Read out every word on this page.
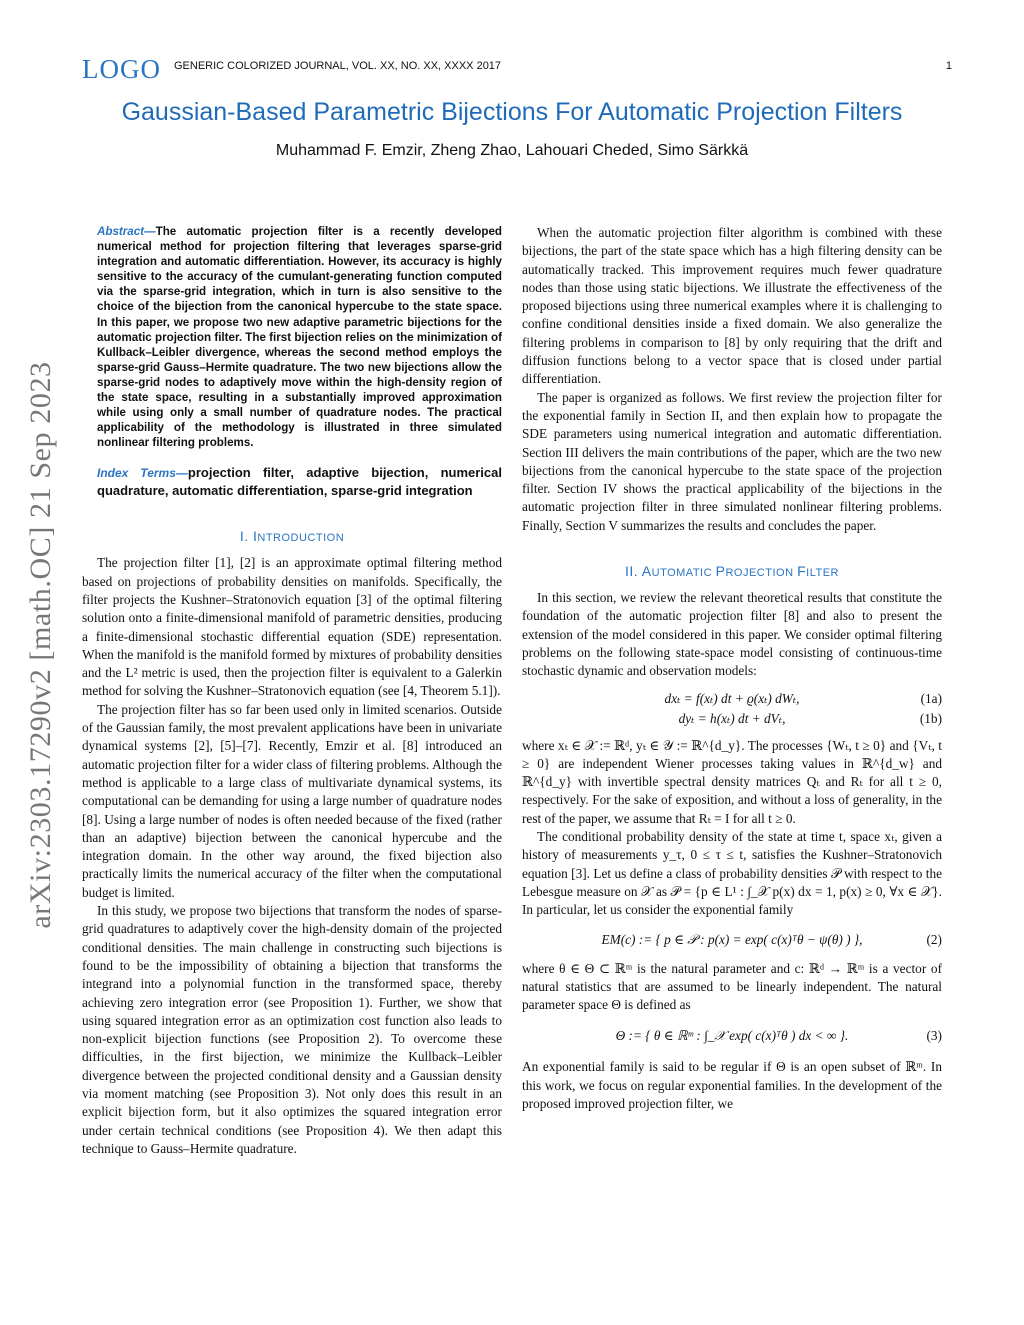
arXiv:2303.17290v2 [math.OC] 21 Sep 2023
LOGO GENERIC COLORIZED JOURNAL, VOL. XX, NO. XX, XXXX 2017	1
Gaussian-Based Parametric Bijections For Automatic Projection Filters
Muhammad F. Emzir, Zheng Zhao, Lahouari Cheded, Simo Särkkä
Abstract—The automatic projection filter is a recently developed numerical method for projection filtering that leverages sparse-grid integration and automatic differentiation. However, its accuracy is highly sensitive to the accuracy of the cumulant-generating function computed via the sparse-grid integration, which in turn is also sensitive to the choice of the bijection from the canonical hypercube to the state space. In this paper, we propose two new adaptive parametric bijections for the automatic projection filter. The first bijection relies on the minimization of Kullback–Leibler divergence, whereas the second method employs the sparse-grid Gauss–Hermite quadrature. The two new bijections allow the sparse-grid nodes to adaptively move within the high-density region of the state space, resulting in a substantially improved approximation while using only a small number of quadrature nodes. The practical applicability of the methodology is illustrated in three simulated nonlinear filtering problems.
Index Terms—projection filter, adaptive bijection, numerical quadrature, automatic differentiation, sparse-grid integration
I. INTRODUCTION

The projection filter [1], [2] is an approximate optimal filtering method based on projections of probability densities on manifolds. Specifically, the filter projects the Kushner–Stratonovich equation [3] of the optimal filtering solution onto a finite-dimensional manifold of parametric densities, producing a finite-dimensional stochastic differential equation (SDE) representation. When the manifold is the manifold formed by mixtures of probability densities and the L² metric is used, then the projection filter is equivalent to a Galerkin method for solving the Kushner–Stratonovich equation (see [4, Theorem 5.1]).

The projection filter has so far been used only in limited scenarios. Outside of the Gaussian family, the most prevalent applications have been in univariate dynamical systems [2], [5]–[7]. Recently, Emzir et al. [8] introduced an automatic projection filter for a wider class of filtering problems. Although the method is applicable to a large class of multivariate dynamical systems, its computational can be demanding for using a large number of quadrature nodes [8]. Using a large number of nodes is often needed because of the fixed (rather than an adaptive) bijection between the canonical hypercube and the integration domain. In the other way around, the fixed bijection also practically limits the numerical accuracy of the filter when the computational budget is limited.

In this study, we propose two bijections that transform the nodes of sparse-grid quadratures to adaptively cover the high-density domain of the projected conditional densities. The main challenge in constructing such bijections is found to be the impossibility of obtaining a bijection that transforms the integrand into a polynomial function in the transformed space, thereby achieving zero integration error (see Proposition 1). Further, we show that using squared integration error as an optimization cost function also leads to non-explicit bijection functions (see Proposition 2). To overcome these difficulties, in the first bijection, we minimize the Kullback–Leibler divergence between the projected conditional density and a Gaussian density via moment matching (see Proposition 3). Not only does this result in an explicit bijection form, but it also optimizes the squared integration error under certain technical conditions (see Proposition 4). We then adapt this technique to Gauss–Hermite quadrature.

When the automatic projection filter algorithm is combined with these bijections, the part of the state space which has a high filtering density can be automatically tracked. This improvement requires much fewer quadrature nodes than those using static bijections. We illustrate the effectiveness of the proposed bijections using three numerical examples where it is challenging to confine conditional densities inside a fixed domain. We also generalize the filtering problems in comparison to [8] by only requiring that the drift and diffusion functions belong to a vector space that is closed under partial differentiation.

The paper is organized as follows. We first review the projection filter for the exponential family in Section II, and then explain how to propagate the SDE parameters using numerical integration and automatic differentiation. Section III delivers the main contributions of the paper, which are the two new bijections from the canonical hypercube to the state space of the projection filter. Section IV shows the practical applicability of the bijections in the automatic projection filter in three simulated nonlinear filtering problems. Finally, Section V summarizes the results and concludes the paper.

II. AUTOMATIC PROJECTION FILTER

In this section, we review the relevant theoretical results that constitute the foundation of the automatic projection filter [8] and also to present the extension of the model considered in this paper. We consider optimal filtering problems on the following state-space model consisting of continuous-time stochastic dynamic and observation models:

dxₜ = f(xₜ) dt + ϱ(xₜ) dWₜ,	(1a)
dyₜ = h(xₜ) dt + dVₜ,	(1b)

where xₜ ∈ 𝒳 := ℝᵈ, yₜ ∈ 𝒴 := ℝ^{d_y}. The processes {Wₜ, t ≥ 0} and {Vₜ, t ≥ 0} are independent Wiener processes taking values in ℝ^{d_w} and ℝ^{d_y} with invertible spectral density matrices Qₜ and Rₜ for all t ≥ 0, respectively. For the sake of exposition, and without a loss of generality, in the rest of the paper, we assume that Rₜ = I for all t ≥ 0.

The conditional probability density of the state at time t, space xₜ, given a history of measurements y_τ, 0 ≤ τ ≤ t, satisfies the Kushner–Stratonovich equation [3]. Let us define a class of probability densities 𝒫 with respect to the Lebesgue measure on 𝒳 as 𝒫 = {p ∈ L¹ : ∫_𝒳 p(x) dx = 1, p(x) ≥ 0, ∀x ∈ 𝒳}. In particular, let us consider the exponential family

EM(c) := { p ∈ 𝒫 : p(x) = exp( c(x)ᵀθ − ψ(θ) ) },	(2)

where θ ∈ Θ ⊂ ℝᵐ is the natural parameter and c: ℝᵈ → ℝᵐ is a vector of natural statistics that are assumed to be linearly independent. The natural parameter space Θ is defined as

Θ := { θ ∈ ℝᵐ : ∫_𝒳 exp( c(x)ᵀθ ) dx < ∞ }.	(3)

An exponential family is said to be regular if Θ is an open subset of ℝᵐ. In this work, we focus on regular exponential families. In the development of the proposed improved projection filter, we
